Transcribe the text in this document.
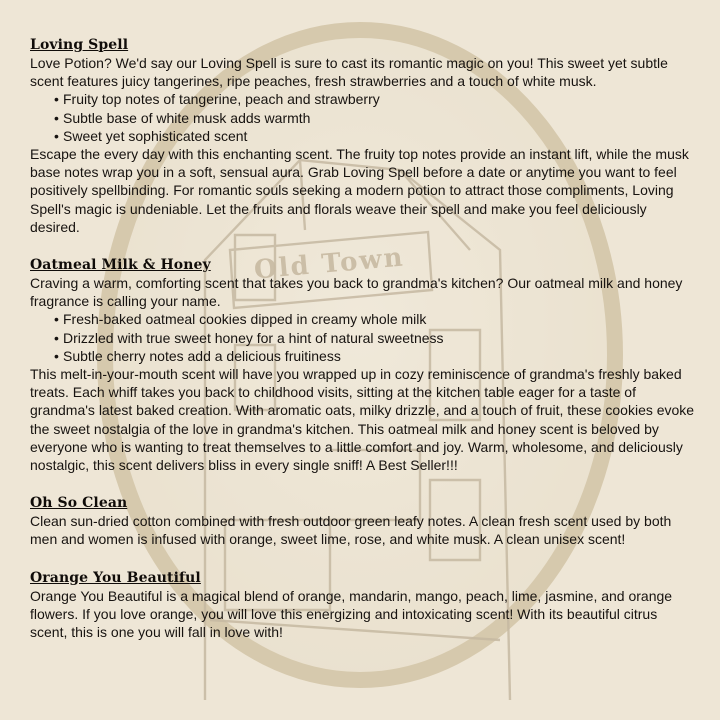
Old Town
Loving Spell

Love Potion? We'd say our Loving Spell is sure to cast its romantic magic on you! This sweet yet subtle scent features juicy tangerines, ripe peaches, fresh strawberries and a touch of white musk.

• Fruity top notes of tangerine, peach and strawberry
• Subtle base of white musk adds warmth
• Sweet yet sophisticated scent

Escape the every day with this enchanting scent. The fruity top notes provide an instant lift, while the musk base notes wrap you in a soft, sensual aura. Grab Loving Spell before a date or anytime you want to feel positively spellbinding. For romantic souls seeking a modern potion to attract those compliments, Loving Spell's magic is undeniable. Let the fruits and florals weave their spell and make you feel deliciously desired.

Oatmeal Milk & Honey

Craving a warm, comforting scent that takes you back to grandma's kitchen? Our oatmeal milk and honey fragrance is calling your name.

• Fresh-baked oatmeal cookies dipped in creamy whole milk
• Drizzled with true sweet honey for a hint of natural sweetness
• Subtle cherry notes add a delicious fruitiness

This melt-in-your-mouth scent will have you wrapped up in cozy reminiscence of grandma's freshly baked treats. Each whiff takes you back to childhood visits, sitting at the kitchen table eager for a taste of grandma's latest baked creation. With aromatic oats, milky drizzle, and a touch of fruit, these cookies evoke the sweet nostalgia of the love in grandma's kitchen. This oatmeal milk and honey scent is beloved by everyone who is wanting to treat themselves to a little comfort and joy. Warm, wholesome, and deliciously nostalgic, this scent delivers bliss in every single sniff! A Best Seller!!!

Oh So Clean

Clean sun-dried cotton combined with fresh outdoor green leafy notes. A clean fresh scent used by both men and women is infused with orange, sweet lime, rose, and white musk. A clean unisex scent!

Orange You Beautiful

Orange You Beautiful is a magical blend of orange, mandarin, mango, peach, lime, jasmine, and orange flowers. If you love orange, you will love this energizing and intoxicating scent! With its beautiful citrus scent, this is one you will fall in love with!
